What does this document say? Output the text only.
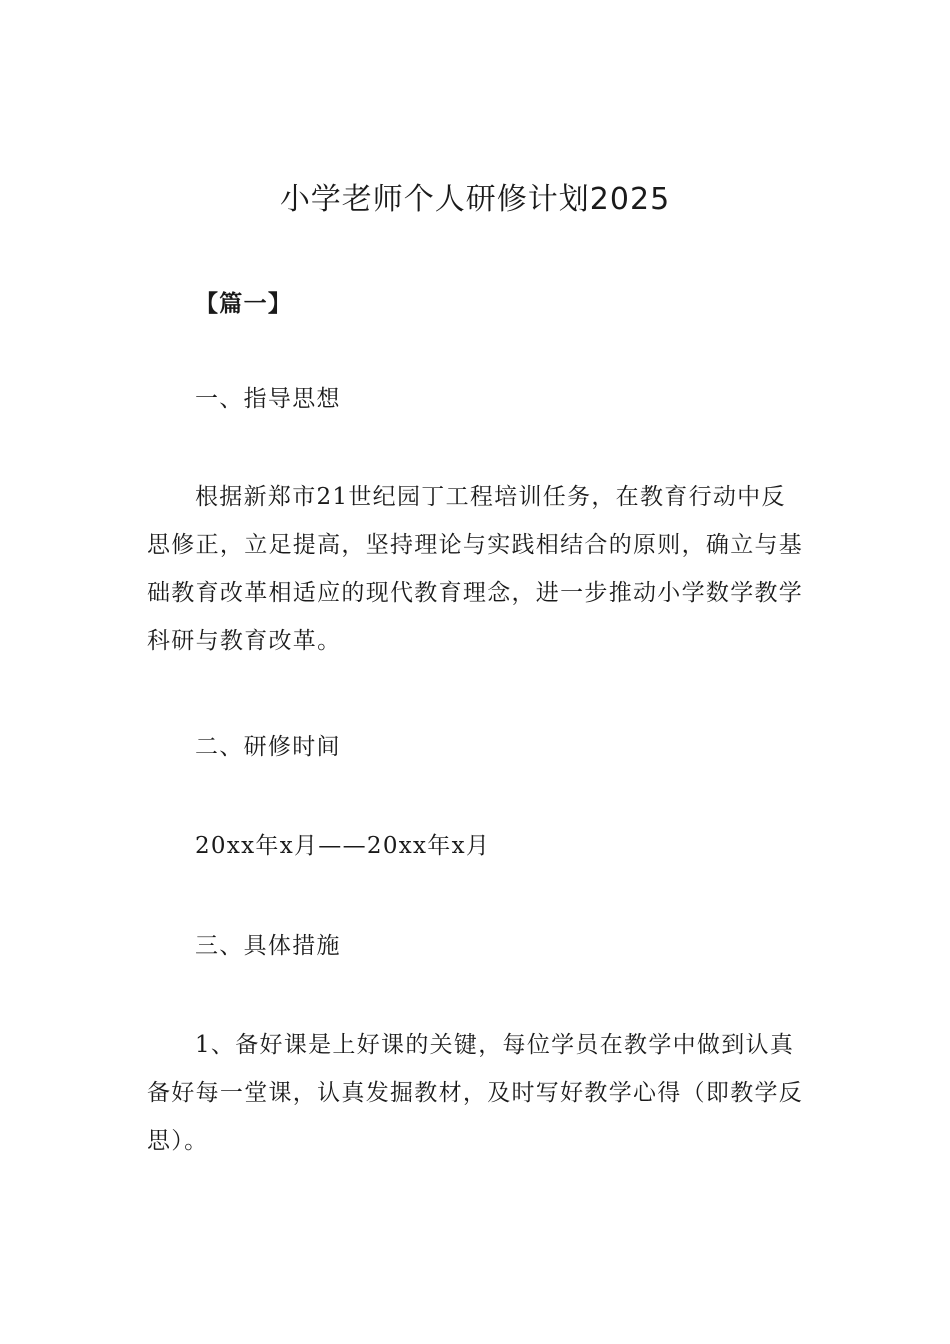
小学老师个人研修计划2025

【篇一】

一、指导思想

根据新郑市21世纪园丁工程培训任务，在教育行动中反思修正，立足提高，坚持理论与实践相结合的原则，确立与基础教育改革相适应的现代教育理念，进一步推动小学数学教学科研与教育改革。

二、研修时间

20xx年x月——20xx年x月

三、具体措施

1、备好课是上好课的关键，每位学员在教学中做到认真备好每一堂课，认真发掘教材，及时写好教学心得（即教学反思）。
